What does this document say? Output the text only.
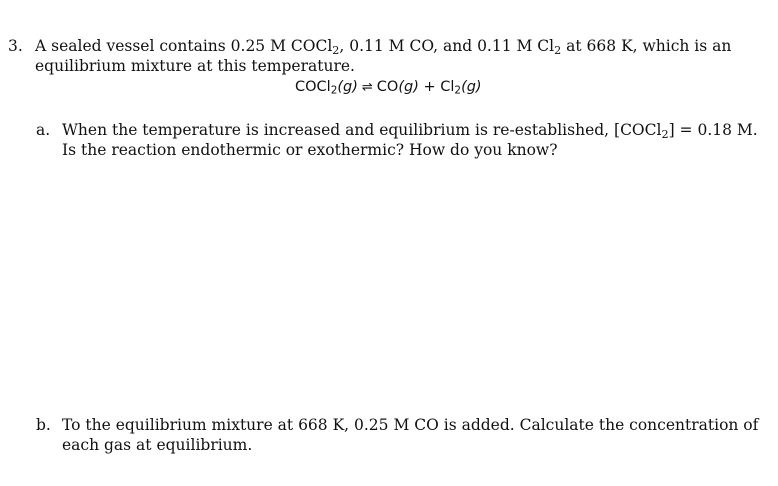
3. A sealed vessel contains 0.25 M COCl$_2$, 0.11 M CO, and 0.11 M $Cl_2$ at 668 K, which is an equilibrium mixture at this temperature.
COCl$_2$(g) ⇌ $CO(g) + Cl_2(g)$
a. When the temperature is increased and equilibrium is re-established, [COCl$_2$] = 0.18 M. Is the reaction endothermic or exothermic? How do you know?
b. To the equilibrium mixture at 668 K, 0.25 M CO is added. Calculate the concentration of each gas at equilibrium.
